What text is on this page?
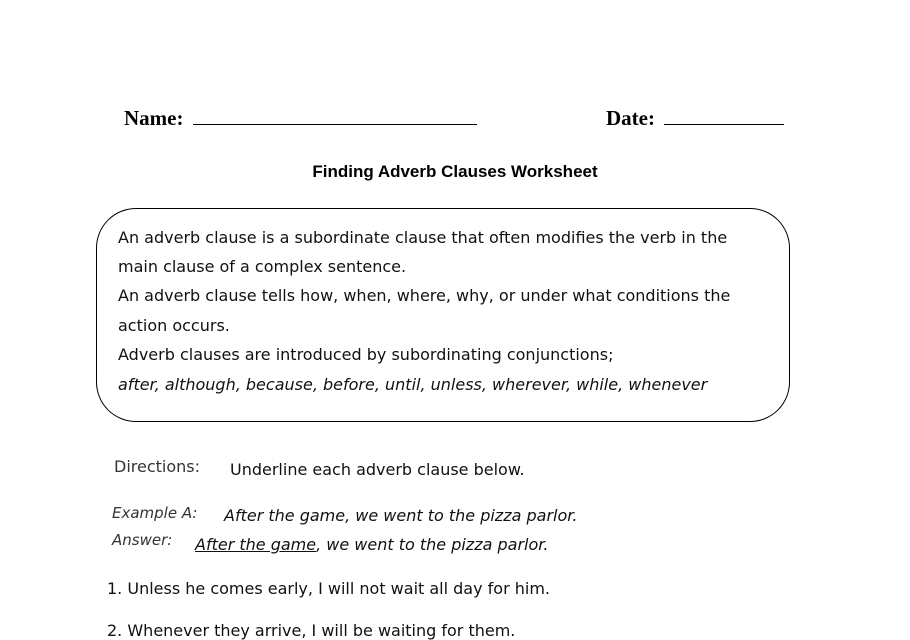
Name:	Date:
Finding Adverb Clauses Worksheet
An adverb clause is a subordinate clause that often modifies the verb in the
main clause of a complex sentence.
An adverb clause tells how, when, where, why, or under what conditions the
action occurs.
Adverb clauses are introduced by subordinating conjunctions;
after, although, because, before, until, unless, wherever, while, whenever
Directions: Underline each adverb clause below.
Example A: After the game, we went to the pizza parlor.
Answer: After the game, we went to the pizza parlor.
1. Unless he comes early, I will not wait all day for him.
2. Whenever they arrive, I will be waiting for them.
